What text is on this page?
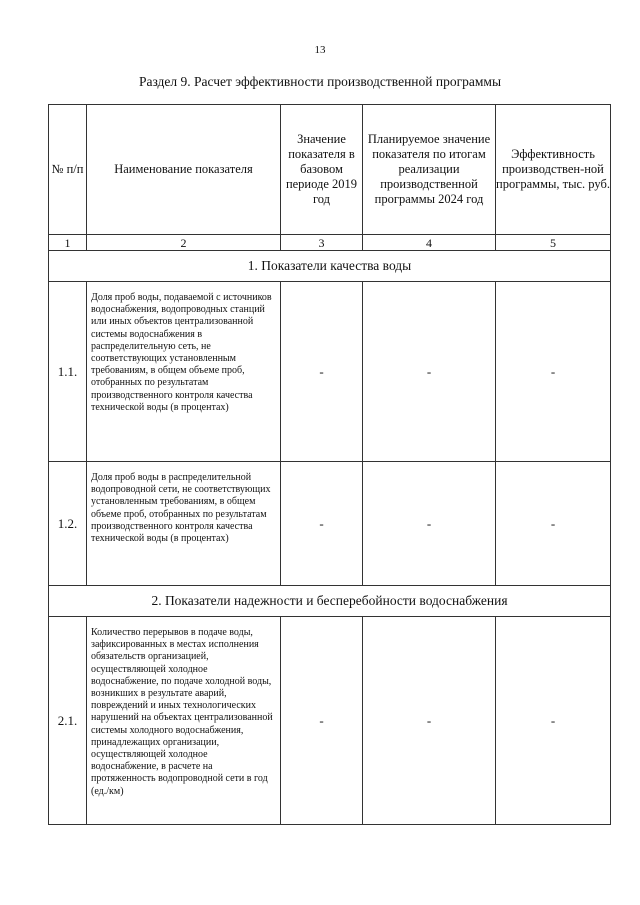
13
Раздел 9. Расчет эффективности производственной программы
№ п/п	Наименование показателя	Значение показателя в базовом периоде 2019 год	Планируемое значение показателя по итогам реализации производственной программы 2024 год	Эффективность производствен-ной программы, тыс. руб.
1	2	3	4	5
1. Показатели качества воды				
1.1.	Доля проб воды, подаваемой с источников водоснабжения, водопроводных станций или иных объектов централизованной системы водоснабжения в распределительную сеть, не соответствующих установленным требованиям, в общем объеме проб, отобранных по результатам производственного контроля качества технической воды (в процентах)	-	-	-
1.2.	Доля проб воды в распределительной водопроводной сети, не соответствующих установленным требованиям, в общем объеме проб, отобранных по результатам производственного контроля качества технической воды (в процентах)	-	-	-
2. Показатели надежности и бесперебойности водоснабжения				
2.1.	Количество перерывов в подаче воды, зафиксированных в местах исполнения обязательств организацией, осуществляющей холодное водоснабжение, по подаче холодной воды, возникших в результате аварий, повреждений и иных технологических нарушений на объектах централизованной системы холодного водоснабжения, принадлежащих организации, осуществляющей холодное водоснабжение, в расчете на протяженность водопроводной сети в год (ед./км)	-	-	-
